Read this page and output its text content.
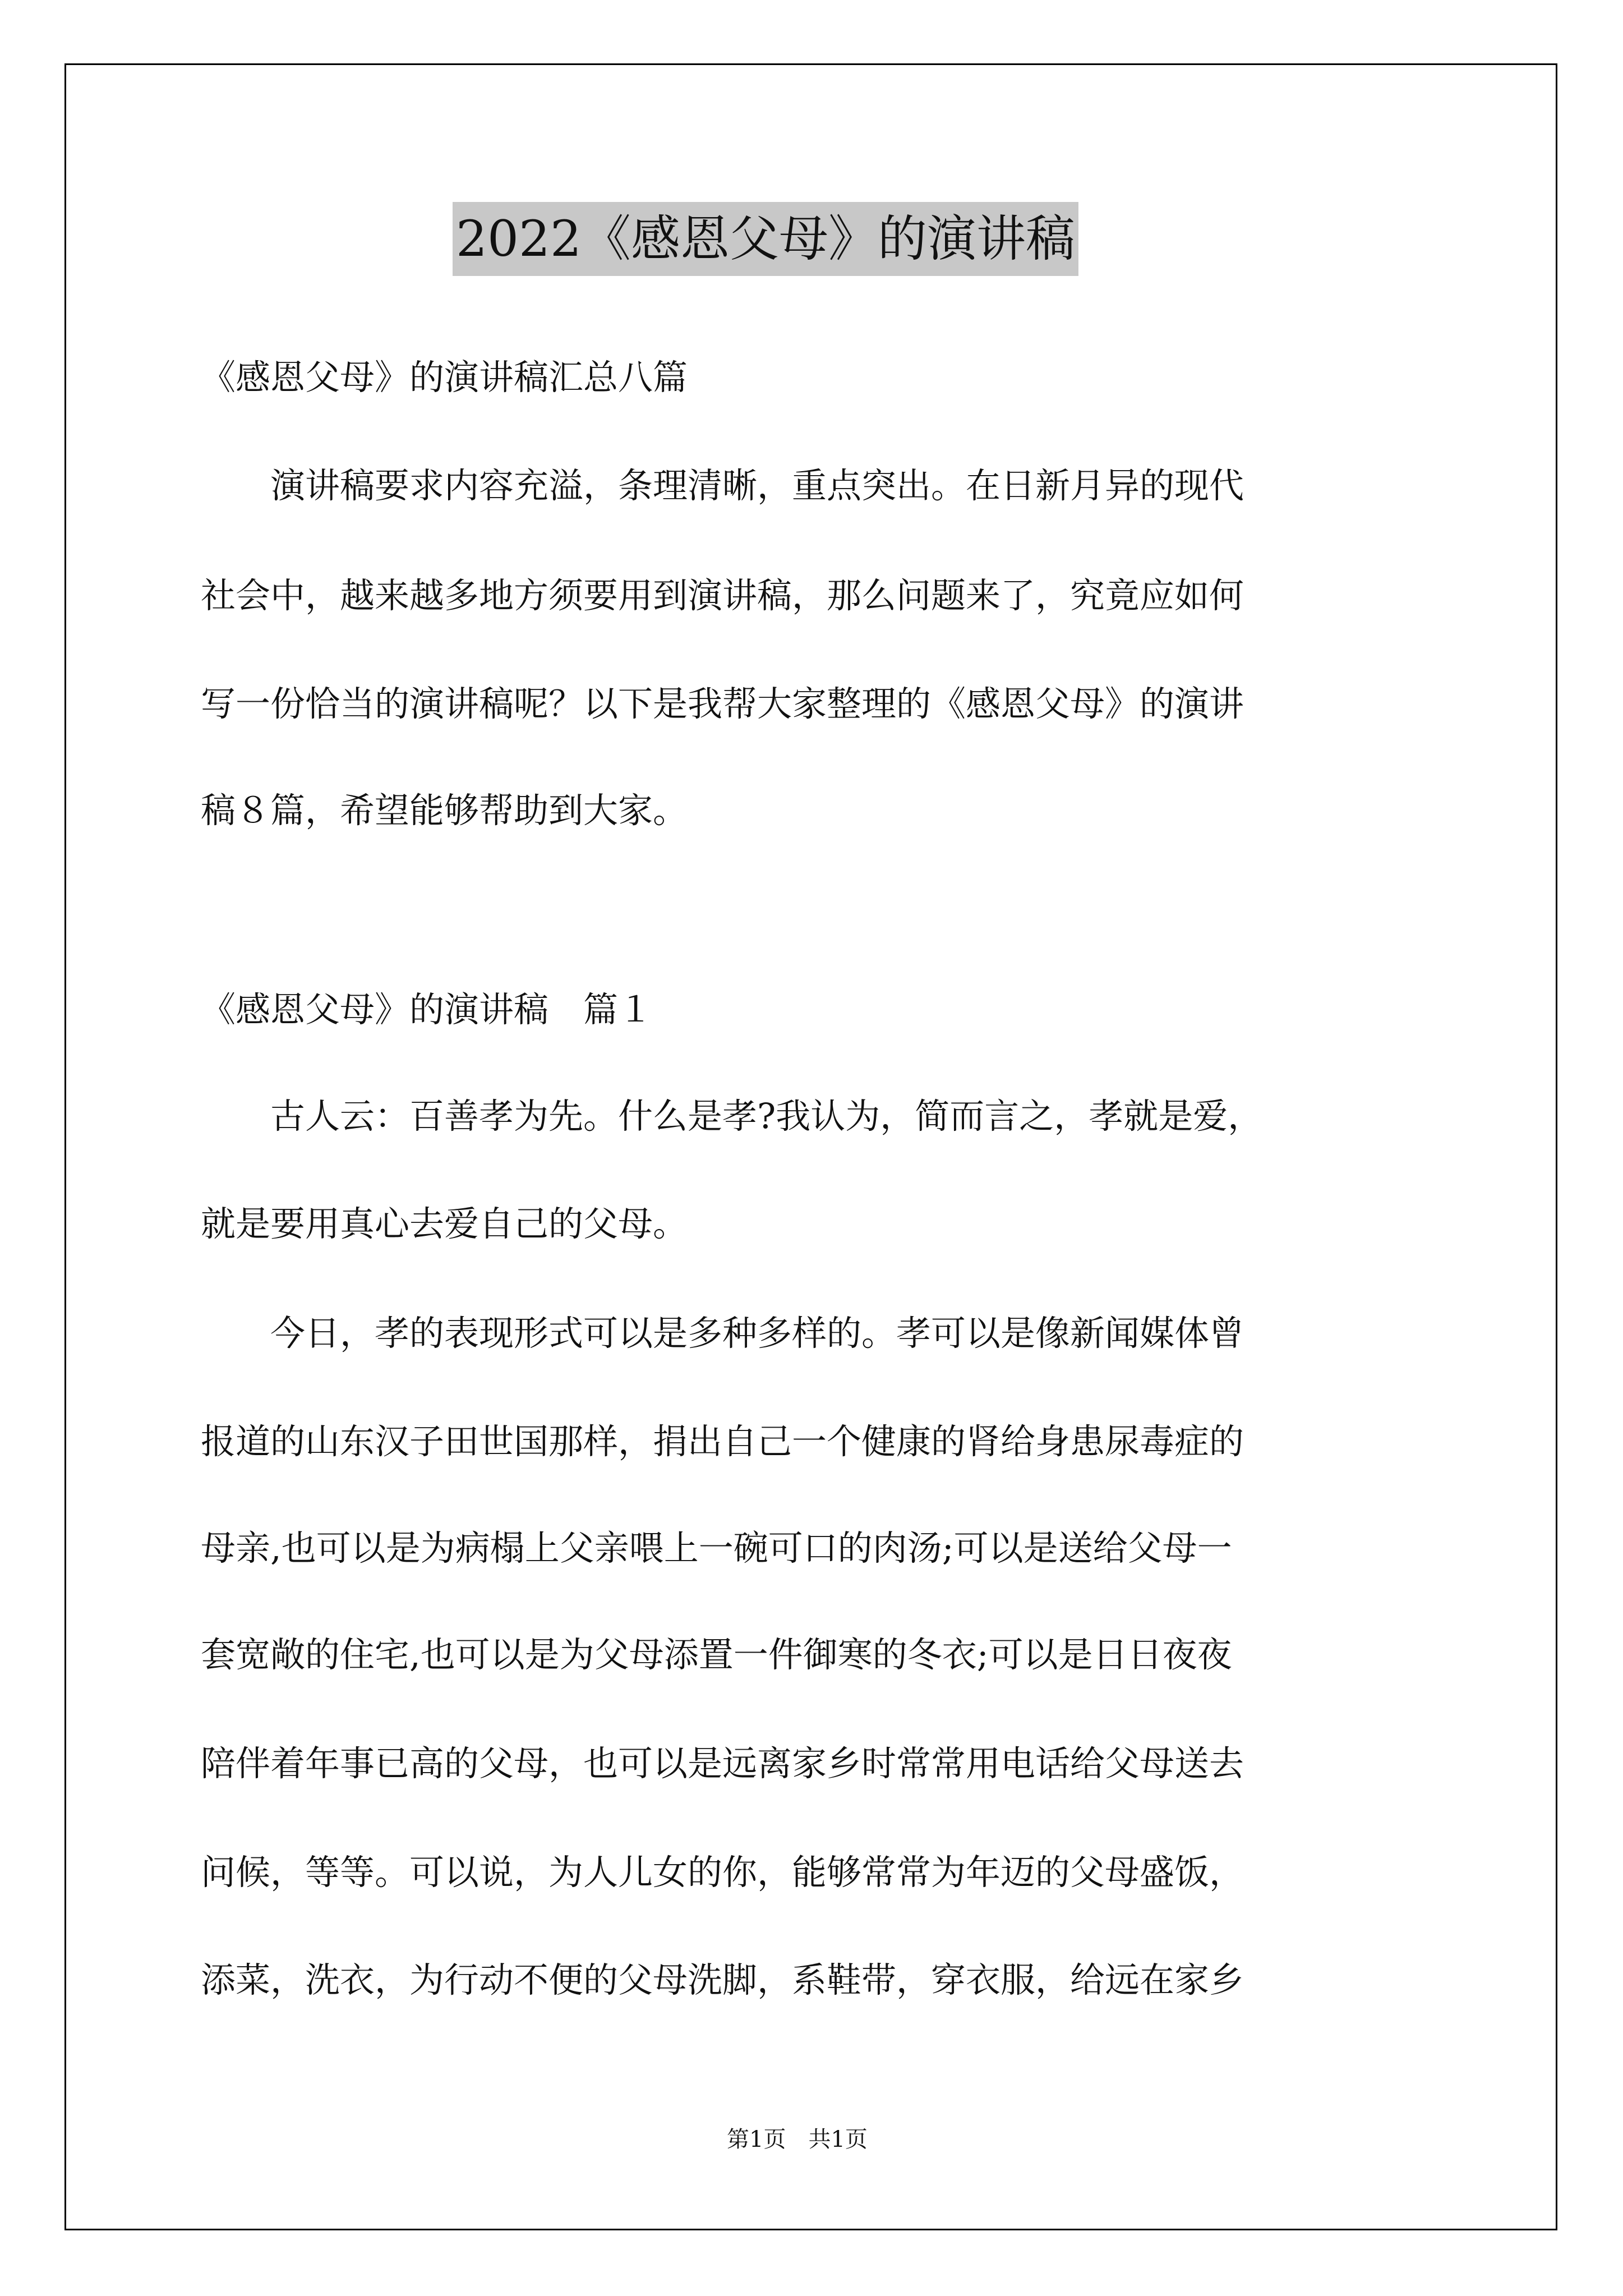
2022《感恩父母》的演讲稿
《感恩父母》的演讲稿汇总八篇
　　演讲稿要求内容充溢，条理清晰，重点突出。在日新月异的现代
社会中，越来越多地方须要用到演讲稿，那么问题来了，究竟应如何
写一份恰当的演讲稿呢？以下是我帮大家整理的《感恩父母》的演讲
稿８篇，希望能够帮助到大家。
《感恩父母》的演讲稿　篇１
　　古人云：百善孝为先。什么是孝?我认为，简而言之，孝就是爱，
就是要用真心去爱自己的父母。
　　今日，孝的表现形式可以是多种多样的。孝可以是像新闻媒体曾
报道的山东汉子田世国那样，捐出自己一个健康的肾给身患尿毒症的
母亲,也可以是为病榻上父亲喂上一碗可口的肉汤;可以是送给父母一
套宽敞的住宅,也可以是为父母添置一件御寒的冬衣;可以是日日夜夜
陪伴着年事已高的父母，也可以是远离家乡时常常用电话给父母送去
问候，等等。可以说，为人儿女的你，能够常常为年迈的父母盛饭，
添菜，洗衣，为行动不便的父母洗脚，系鞋带，穿衣服，给远在家乡
第1页　共1页
